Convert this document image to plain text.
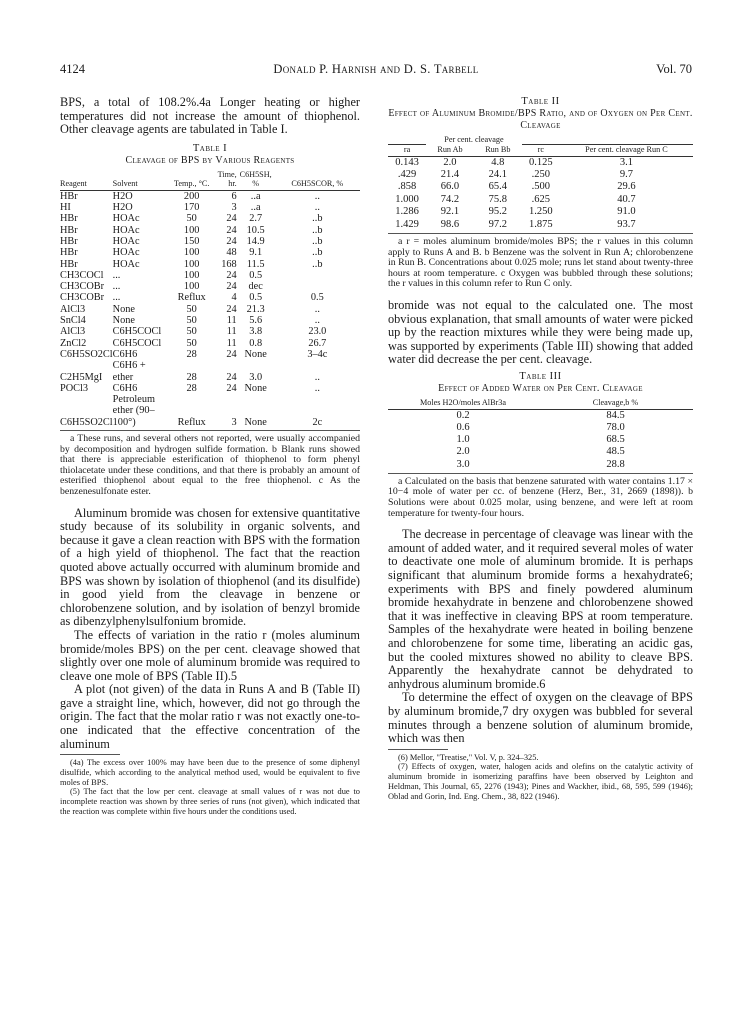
4124	Donald P. Harnish and D. S. Tarbell	Vol. 70

BPS, a total of 108.2%.4a Longer heating or higher temperatures did not increase the amount of thiophenol. Other cleavage agents are tabulated in Table I.

Table I
Cleavage of BPS by Various Reagents
Reagent	Solvent	Temp., °C.	Time, hr.	C6H5SH, %	C6H5SCOR, %
HBr	H2O	200	6	..a	..
HI	H2O	170	3	..a	..
HBr	HOAc	50	24	2.7	..b
HBr	HOAc	100	24	10.5	..b
HBr	HOAc	150	24	14.9	..b
HBr	HOAc	100	48	9.1	..b
HBr	HOAc	100	168	11.5	..b
CH3COCl	...	100	24	0.5	
CH3COBr	...	100	24	dec	
CH3COBr	...	Reflux	4	0.5	0.5
AlCl3	None	50	24	21.3	..
SnCl4	None	50	11	5.6	..
AlCl3	C6H5COCl	50	11	3.8	23.0
ZnCl2	C6H5COCl	50	11	0.8	26.7
C6H5SO2Cl	C6H6	28	24	None	3–4c
C2H5MgI	C6H6 + ether	28	24	3.0	..
POCl3	C6H6	28	24	None	..
C6H5SO2Cl	Petroleum ether (90–100°)	Reflux	3	None	2c

a These runs, and several others not reported, were usually accompanied by decomposition and hydrogen sulfide formation. b Blank runs showed that there is appreciable esterification of thiophenol to form phenyl thiolacetate under these conditions, and that there is probably an amount of esterified thiophenol about equal to the free thiophenol. c As the benzenesulfonate ester.

Aluminum bromide was chosen for extensive quantitative study because of its solubility in organic solvents, and because it gave a clean reaction with BPS with the formation of a high yield of thiophenol. The fact that the reaction quoted above actually occurred with aluminum bromide and BPS was shown by isolation of thiophenol (and its disulfide) in good yield from the cleavage in benzene or chlorobenzene solution, and by isolation of benzyl bromide as dibenzylphenylsulfonium bromide.

The effects of variation in the ratio r (moles aluminum bromide/moles BPS) on the per cent. cleavage showed that slightly over one mole of aluminum bromide was required to cleave one mole of BPS (Table II).5

A plot (not given) of the data in Runs A and B (Table II) gave a straight line, which, however, did not go through the origin. The fact that the molar ratio r was not exactly one-to-one indicated that the effective concentration of the aluminum

(4a) The excess over 100% may have been due to the presence of some diphenyl disulfide, which according to the analytical method used, would be equivalent to five moles of BPS.

(5) The fact that the low per cent. cleavage at small values of r was not due to incomplete reaction was shown by three series of runs (not given), which indicated that the reaction was complete within five hours under the conditions used.

Table II
Effect of Aluminum Bromide/BPS Ratio, and of Oxygen on Per Cent. Cleavage
	Per cent. cleavage			
ra	Run Ab	Run Bb	rc	Per cent. cleavage Run C
0.143	2.0	4.8	0.125	3.1
.429	21.4	24.1	.250	9.7
.858	66.0	65.4	.500	29.6
1.000	74.2	75.8	.625	40.7
1.286	92.1	95.2	1.250	91.0
1.429	98.6	97.2	1.875	93.7

a r = moles aluminum bromide/moles BPS; the r values in this column apply to Runs A and B. b Benzene was the solvent in Run A; chlorobenzene in Run B. Concentrations about 0.025 mole; runs let stand about twenty-three hours at room temperature. c Oxygen was bubbled through these solutions; the r values in this column refer to Run C only.

bromide was not equal to the calculated one. The most obvious explanation, that small amounts of water were picked up by the reaction mixtures while they were being made up, was supported by experiments (Table III) showing that added water did decrease the per cent. cleavage.

Table III
Effect of Added Water on Per Cent. Cleavage
Moles H2O/moles AlBr3a	Cleavage,b %
0.2	84.5
0.6	78.0
1.0	68.5
2.0	48.5
3.0	28.8

a Calculated on the basis that benzene saturated with water contains 1.17 × 10−4 mole of water per cc. of benzene (Herz, Ber., 31, 2669 (1898)). b Solutions were about 0.025 molar, using benzene, and were left at room temperature for twenty-four hours.

The decrease in percentage of cleavage was linear with the amount of added water, and it required several moles of water to deactivate one mole of aluminum bromide. It is perhaps significant that aluminum bromide forms a hexahydrate6; experiments with BPS and finely powdered aluminum bromide hexahydrate in benzene and chlorobenzene showed that it was ineffective in cleaving BPS at room temperature. Samples of the hexahydrate were heated in boiling benzene and chlorobenzene for some time, liberating an acidic gas, but the cooled mixtures showed no ability to cleave BPS. Apparently the hexahydrate cannot be dehydrated to anhydrous aluminum bromide.6

To determine the effect of oxygen on the cleavage of BPS by aluminum bromide,7 dry oxygen was bubbled for several minutes through a benzene solution of aluminum bromide, which was then

(6) Mellor, "Treatise," Vol. V, p. 324–325.

(7) Effects of oxygen, water, halogen acids and olefins on the catalytic activity of aluminum bromide in isomerizing paraffins have been observed by Leighton and Heldman, This Journal, 65, 2276 (1943); Pines and Wackher, ibid., 68, 595, 599 (1946); Oblad and Gorin, Ind. Eng. Chem., 38, 822 (1946).
